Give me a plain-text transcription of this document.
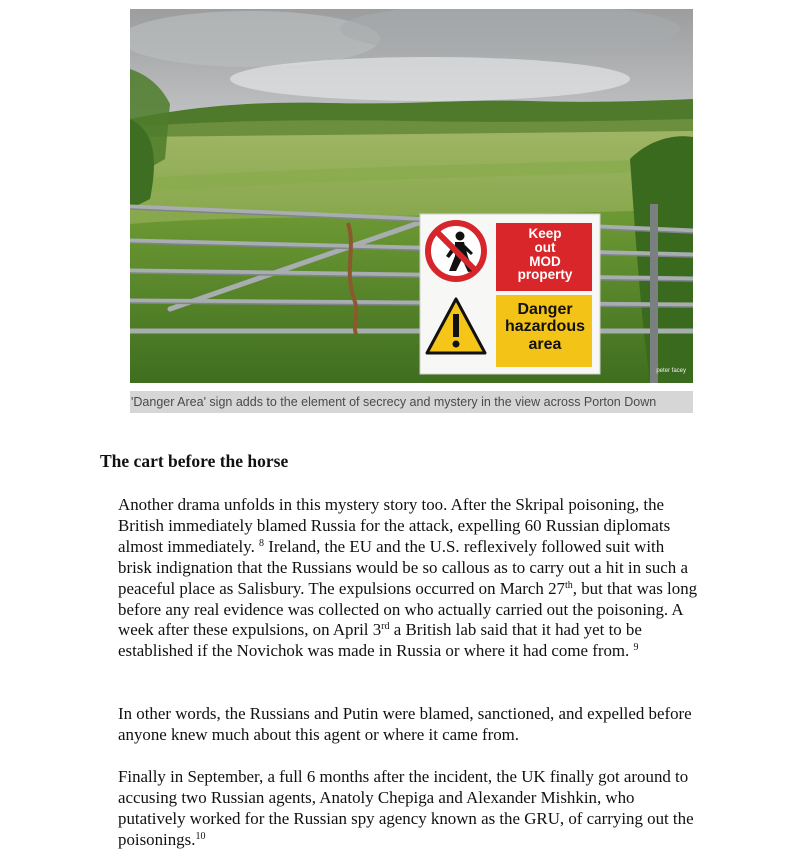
Keep
out
MOD
property
Danger
hazardous
area
peter facey
'Danger Area' sign adds to the element of secrecy and mystery in the view across Porton Down
The cart before the horse

Another drama unfolds in this mystery story too. After the Skripal poisoning, the British immediately blamed Russia for the attack, expelling 60 Russian diplomats almost immediately. $^8$ Ireland, the EU and the U.S. reflexively followed suit with brisk indignation that the Russians would be so callous as to carry out a hit in such a peaceful place as Salisbury. The expulsions occurred on March 27th, but that was long before any real evidence was collected on who actually carried out the poisoning. A week after these expulsions, on April 3rd a British lab said that it had yet to be established if the Novichok was made in Russia or where it had come from. $^9$

In other words, the Russians and Putin were blamed, sanctioned, and expelled before anyone knew much about this agent or where it came from.

Finally in September, a full 6 months after the incident, the UK finally got around to accusing two Russian agents, Anatoly Chepiga and Alexander Mishkin, who putatively worked for the Russian spy agency known as the GRU, of carrying out the poisonings.$^{10}$
